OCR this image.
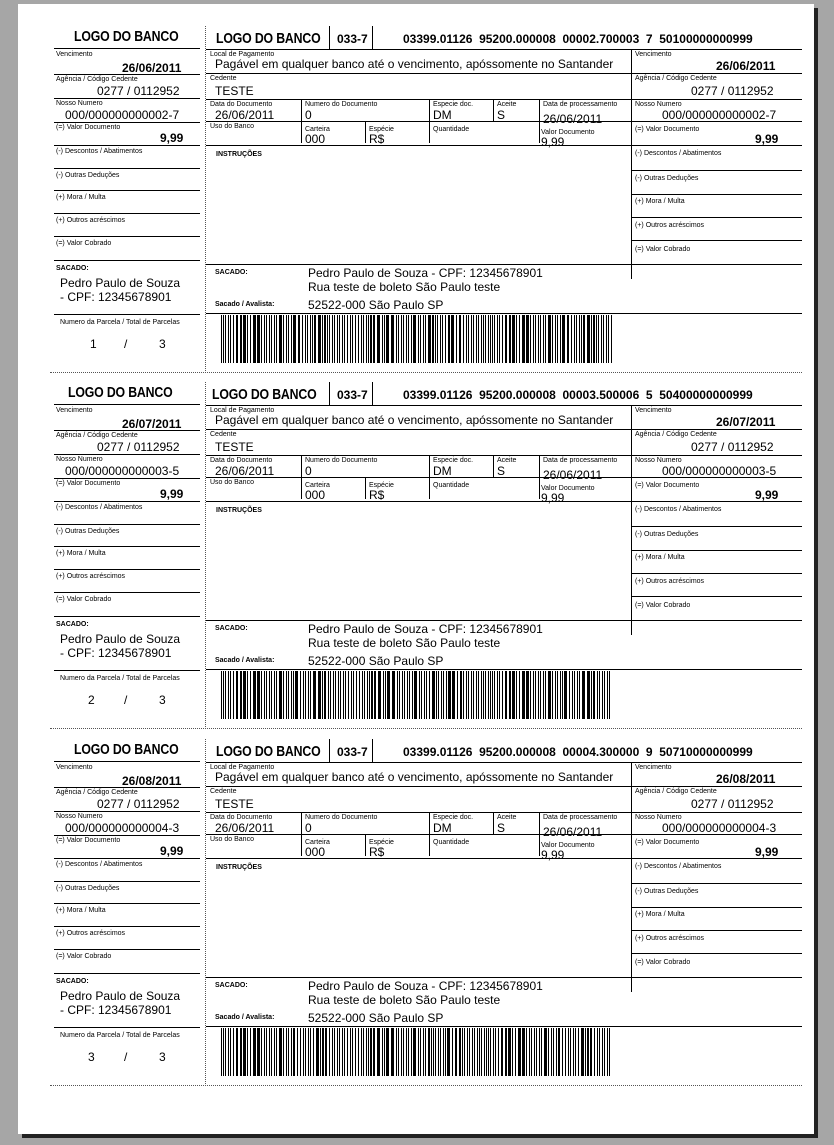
LOGO DO BANCO
Vencimento
26/06/2011
Agência / Código Cedente
0277 / 0112952
Nosso Numero
000/000000000002-7
(=) Valor Documento
9,99
(-) Descontos / Abatimentos
(-) Outras Deduções
(+) Mora / Multa
(+) Outros acréscimos
(=) Valor Cobrado
SACADO:
Pedro Paulo de Souza
- CPF: 12345678901
Numero da Parcela / Total de Parcelas
1 /	3
LOGO DO BANCO 033-7	03399.01126  95200.000008  00002.700003  7  50100000000999
Local de Pagamento
Pagável em qualquer banco até o vencimento, apóssomente no Santander
Vencimento
26/06/2011
Cedente
TESTE
Agência / Código Cedente
0277 / 0112952
Data do Documento
26/06/2011
Numero do Documento
0
Especie doc.
DM
Aceite
S
Data de processamento
26/06/2011
Nosso Numero
000/000000000002-7
Uso do Banco	Carteira
000
Espécie
R$
Quantidade	Valor Documento
9,99
(=) Valor Documento
9,99
INSTRUÇÕES	(-) Descontos / Abatimentos
(-) Outras Deduções
(+) Mora / Multa
(+) Outros acréscimos
(=) Valor Cobrado
SACADO:	Pedro Paulo de Souza - CPF: 12345678901
Rua teste de boleto São Paulo teste
Sacado / Avalista:	52522-000 São Paulo SP
LOGO DO BANCO
Vencimento
26/07/2011
Agência / Código Cedente
0277 / 0112952
Nosso Numero
000/000000000003-5
(=) Valor Documento
9,99
(-) Descontos / Abatimentos
(-) Outras Deduções
(+) Mora / Multa
(+) Outros acréscimos
(=) Valor Cobrado
SACADO:
Pedro Paulo de Souza
- CPF: 12345678901
Numero da Parcela / Total de Parcelas
2 /	3
LOGO DO BANCO 033-7	03399.01126  95200.000008  00003.500006  5  50400000000999
Local de Pagamento
Pagável em qualquer banco até o vencimento, apóssomente no Santander
Vencimento
26/07/2011
Cedente
TESTE
Agência / Código Cedente
0277 / 0112952
Data do Documento
26/06/2011
Numero do Documento
0
Especie doc.
DM
Aceite
S
Data de processamento
26/06/2011
Nosso Numero
000/000000000003-5
Uso do Banco	Carteira
000
Espécie
R$
Quantidade	Valor Documento
9,99
(=) Valor Documento
9,99
INSTRUÇÕES	(-) Descontos / Abatimentos
(-) Outras Deduções
(+) Mora / Multa
(+) Outros acréscimos
(=) Valor Cobrado
SACADO:	Pedro Paulo de Souza - CPF: 12345678901
Rua teste de boleto São Paulo teste
Sacado / Avalista:	52522-000 São Paulo SP
LOGO DO BANCO
Vencimento
26/08/2011
Agência / Código Cedente
0277 / 0112952
Nosso Numero
000/000000000004-3
(=) Valor Documento
9,99
(-) Descontos / Abatimentos
(-) Outras Deduções
(+) Mora / Multa
(+) Outros acréscimos
(=) Valor Cobrado
SACADO:
Pedro Paulo de Souza
- CPF: 12345678901
Numero da Parcela / Total de Parcelas
3 /	3
LOGO DO BANCO 033-7	03399.01126  95200.000008  00004.300000  9  50710000000999
Local de Pagamento
Pagável em qualquer banco até o vencimento, apóssomente no Santander
Vencimento
26/08/2011
Cedente
TESTE
Agência / Código Cedente
0277 / 0112952
Data do Documento
26/06/2011
Numero do Documento
0
Especie doc.
DM
Aceite
S
Data de processamento
26/06/2011
Nosso Numero
000/000000000004-3
Uso do Banco	Carteira
000
Espécie
R$
Quantidade	Valor Documento
9,99
(=) Valor Documento
9,99
INSTRUÇÕES	(-) Descontos / Abatimentos
(-) Outras Deduções
(+) Mora / Multa
(+) Outros acréscimos
(=) Valor Cobrado
SACADO:	Pedro Paulo de Souza - CPF: 12345678901
Rua teste de boleto São Paulo teste
Sacado / Avalista:	52522-000 São Paulo SP
